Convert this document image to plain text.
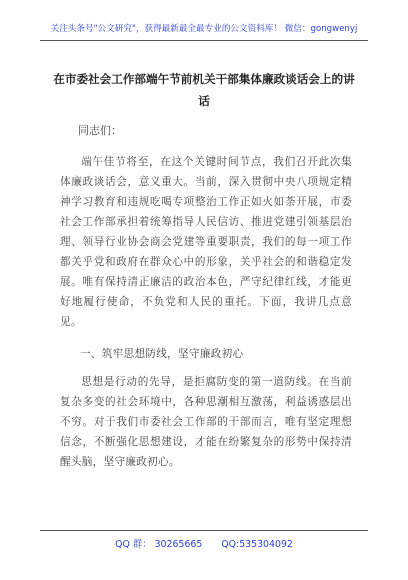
关注头条号"公文研究"，获得最新最全最专业的公文资料库！ 微信：gongwenyj
在市委社会工作部端午节前机关干部集体廉政谈话会上的讲话
同志们：

端午佳节将至，在这个关键时间节点，我们召开此次集体廉政谈话会，意义重大。当前，深入贯彻中央八项规定精神学习教育和违规吃喝专项整治工作正如火如荼开展，市委社会工作部承担着统筹指导人民信访、推进党建引领基层治理、领导行业协会商会党建等重要职责，我们的每一项工作都关乎党和政府在群众心中的形象，关乎社会的和谐稳定发展。唯有保持清正廉洁的政治本色，严守纪律红线，才能更好地履行使命，不负党和人民的重托。下面，我讲几点意见。

一、筑牢思想防线，坚守廉政初心

思想是行动的先导，是拒腐防变的第一道防线。在当前复杂多变的社会环境中，各种思潮相互激荡，利益诱惑层出不穷。对于我们市委社会工作部的干部而言，唯有坚定理想信念，不断强化思想建设，才能在纷繁复杂的形势中保持清醒头脑，坚守廉政初心。

QQ 群： 30265665 QQ:535304092
